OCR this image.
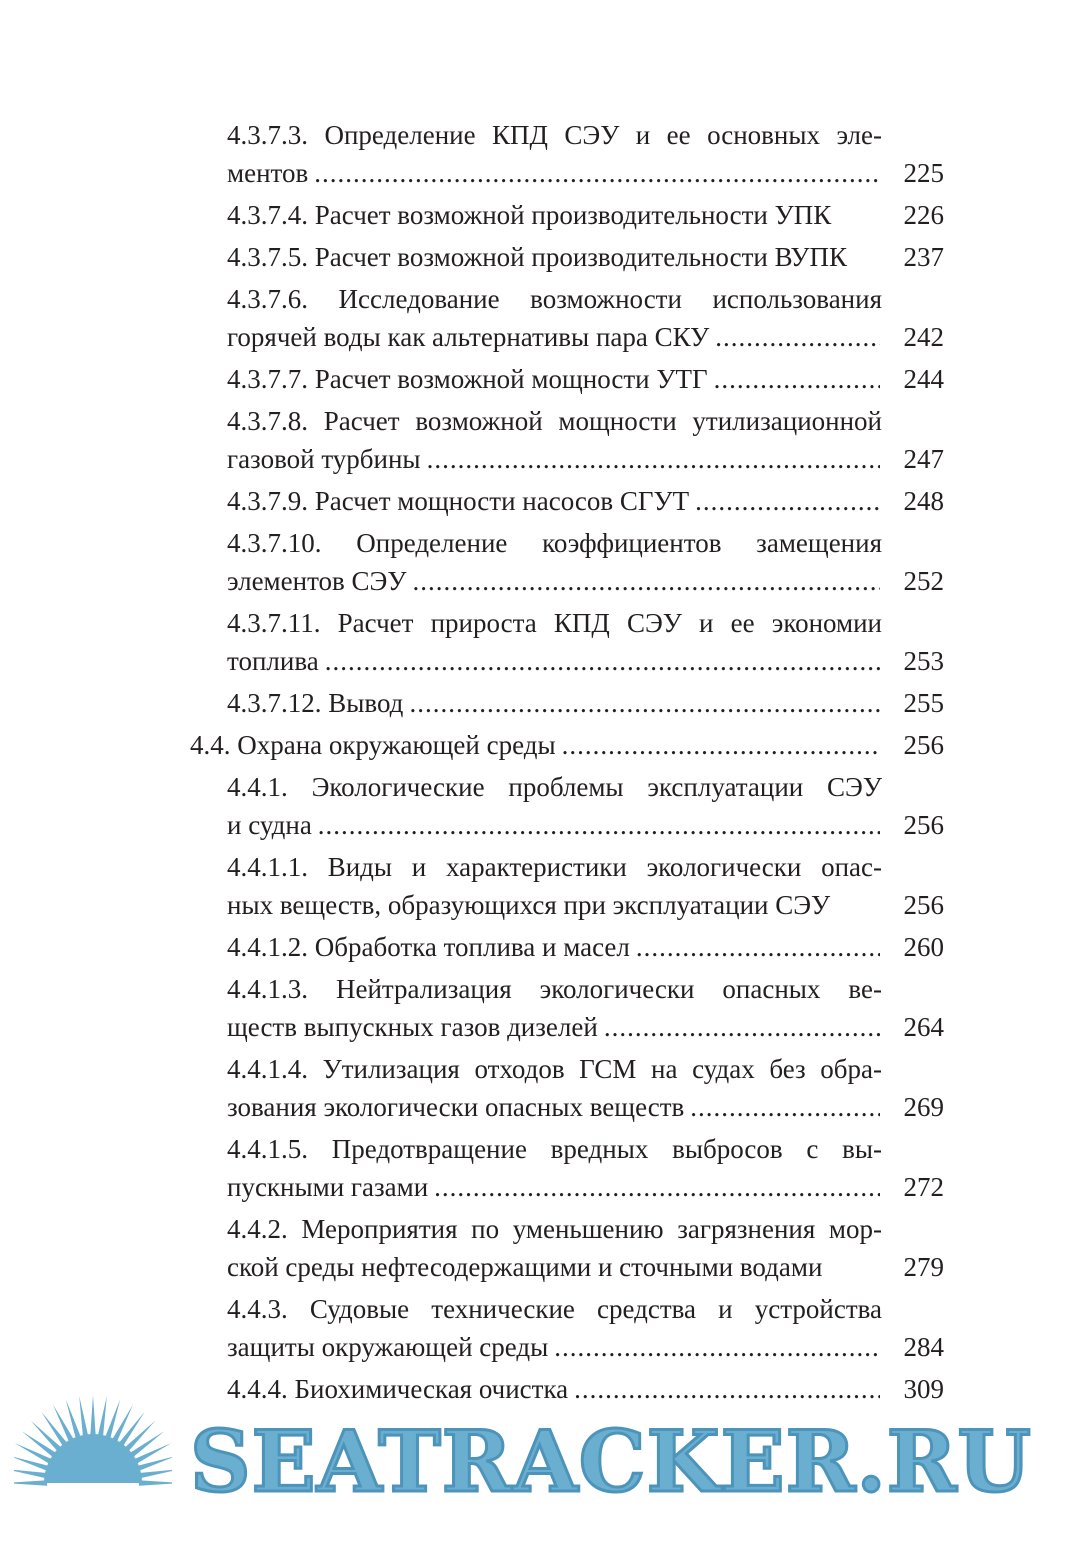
4.3.7.3. Определение КПД СЭУ и ее основных эле-
ментов .....	225
4.3.7.4. Расчет возможной производительности УПК	226
4.3.7.5. Расчет возможной производительности ВУПК 237
4.3.7.6. Исследование возможности использования
горячей воды как альтернативы пара СКУ .....	242
4.3.7.7. Расчет возможной мощности УТГ .....	244
4.3.7.8. Расчет возможной мощности утилизационной
газовой турбины .....	247
4.3.7.9. Расчет мощности насосов СГУТ .....	248
4.3.7.10. Определение коэффициентов замещения
элементов СЭУ .....	252
4.3.7.11. Расчет прироста КПД СЭУ и ее экономии
топлива .....	253
4.3.7.12. Вывод .....	255
4.4. Охрана окружающей среды .....	256
4.4.1. Экологические проблемы эксплуатации СЭУ
и судна .....	256
4.4.1.1. Виды и характеристики экологически опас-
ных веществ, образующихся при эксплуатации СЭУ	256
4.4.1.2. Обработка топлива и масел .....	260
4.4.1.3. Нейтрализация экологически опасных ве-
ществ выпускных газов дизелей .....	264
4.4.1.4. Утилизация отходов ГСМ на судах без обра-
зования экологически опасных веществ .....	269
4.4.1.5. Предотвращение вредных выбросов с вы-
пускными газами .....	272
4.4.2. Мероприятия по уменьшению загрязнения мор-
ской среды нефтесодержащими и сточными водами	279
4.4.3. Судовые технические средства и устройства
защиты окружающей среды .....	284
4.4.4. Биохимическая очистка .....	309
SEATRACKER.RU
